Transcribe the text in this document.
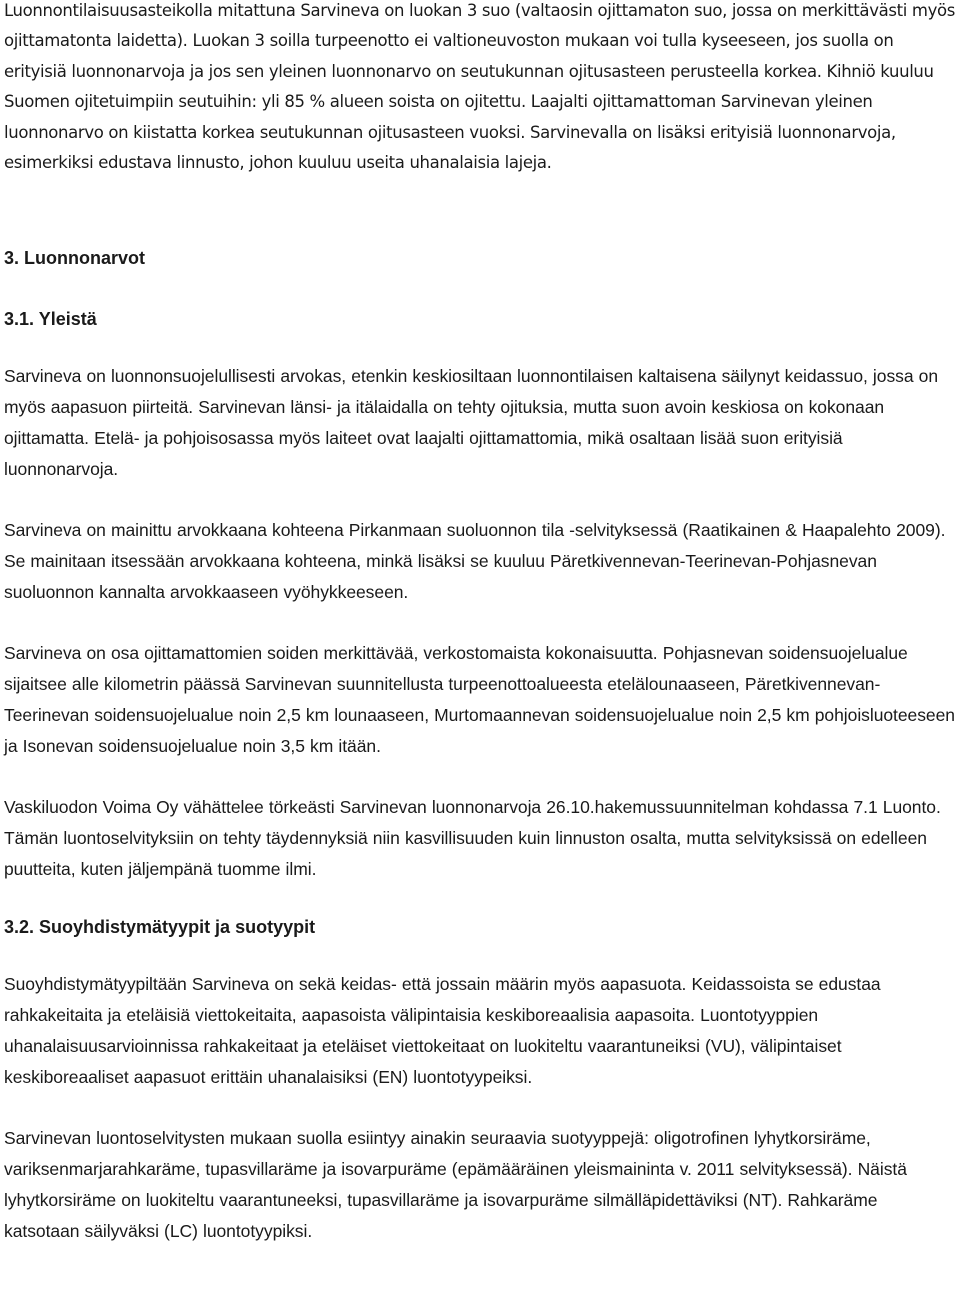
Luonnontilaisuusasteikolla mitattuna Sarvineva on luokan 3 suo (valtaosin ojittamaton suo, jossa on merkittävästi myös ojittamatonta laidetta). Luokan 3 soilla turpeenotto ei valtioneuvoston mukaan voi tulla kyseeseen, jos suolla on erityisiä luonnonarvoja ja jos sen yleinen luonnonarvo on seutukunnan ojitusasteen perusteella korkea. Kihniö kuuluu Suomen ojitetuimpiin seutuihin: yli 85 % alueen soista on ojitettu. Laajalti ojittamattoman Sarvinevan yleinen luonnonarvo on kiistatta korkea seutukunnan ojitusasteen vuoksi. Sarvinevalla on lisäksi erityisiä luonnonarvoja, esimerkiksi edustava linnusto, johon kuuluu useita uhanalaisia lajeja.

3. Luonnonarvot
3.1. Yleistä

Sarvineva on luonnonsuojelullisesti arvokas, etenkin keskiosiltaan luonnontilaisen kaltaisena säilynyt keidassuo, jossa on myös aapasuon piirteitä. Sarvinevan länsi- ja itälaidalla on tehty ojituksia, mutta suon avoin keskiosa on kokonaan ojittamatta. Etelä- ja pohjoisosassa myös laiteet ovat laajalti ojittamattomia, mikä osaltaan lisää suon erityisiä luonnonarvoja.

Sarvineva on mainittu arvokkaana kohteena Pirkanmaan suoluonnon tila -selvityksessä (Raatikainen & Haapalehto 2009). Se mainitaan itsessään arvokkaana kohteena, minkä lisäksi se kuuluu Päretkivennevan-Teerinevan-Pohjasnevan suoluonnon kannalta arvokkaaseen vyöhykkeeseen.

Sarvineva on osa ojittamattomien soiden merkittävää, verkostomaista kokonaisuutta. Pohjasnevan soidensuojelualue sijaitsee alle kilometrin päässä Sarvinevan suunnitellusta turpeenottoalueesta etelälounaaseen, Päretkivennevan-Teerinevan soidensuojelualue noin 2,5 km lounaaseen, Murtomaannevan soidensuojelualue noin 2,5 km pohjoisluoteeseen ja Isonevan soidensuojelualue noin 3,5 km itään.

Vaskiluodon Voima Oy vähättelee törkeästi Sarvinevan luonnonarvoja 26.10.hakemussuunnitelman kohdassa 7.1 Luonto. Tämän luontoselvityksiin on tehty täydennyksiä niin kasvillisuuden kuin linnuston osalta, mutta selvityksissä on edelleen puutteita, kuten jäljempänä tuomme ilmi.

3.2. Suoyhdistymätyypit ja suotyypit

Suoyhdistymätyypiltään Sarvineva on sekä keidas- että jossain määrin myös aapasuota. Keidassoista se edustaa rahkakeitaita ja eteläisiä viettokeitaita, aapasoista välipintaisia keskiboreaalisia aapasoita. Luontotyyppien uhanalaisuusarvioinnissa rahkakeitaat ja eteläiset viettokeitaat on luokiteltu vaarantuneiksi (VU), välipintaiset keskiboreaaliset aapasuot erittäin uhanalaisiksi (EN) luontotyypeiksi.

Sarvinevan luontoselvitysten mukaan suolla esiintyy ainakin seuraavia suotyyppejä: oligotrofinen lyhytkorsiräme, variksenmarjarahkaräme, tupasvillaräme ja isovarpuräme (epämääräinen yleismaininta v. 2011 selvityksessä). Näistä lyhytkorsiräme on luokiteltu vaarantuneeksi, tupasvillaräme ja isovarpuräme silmälläpidettäviksi (NT). Rahkaräme katsotaan säilyväksi (LC) luontotyypiksi.
